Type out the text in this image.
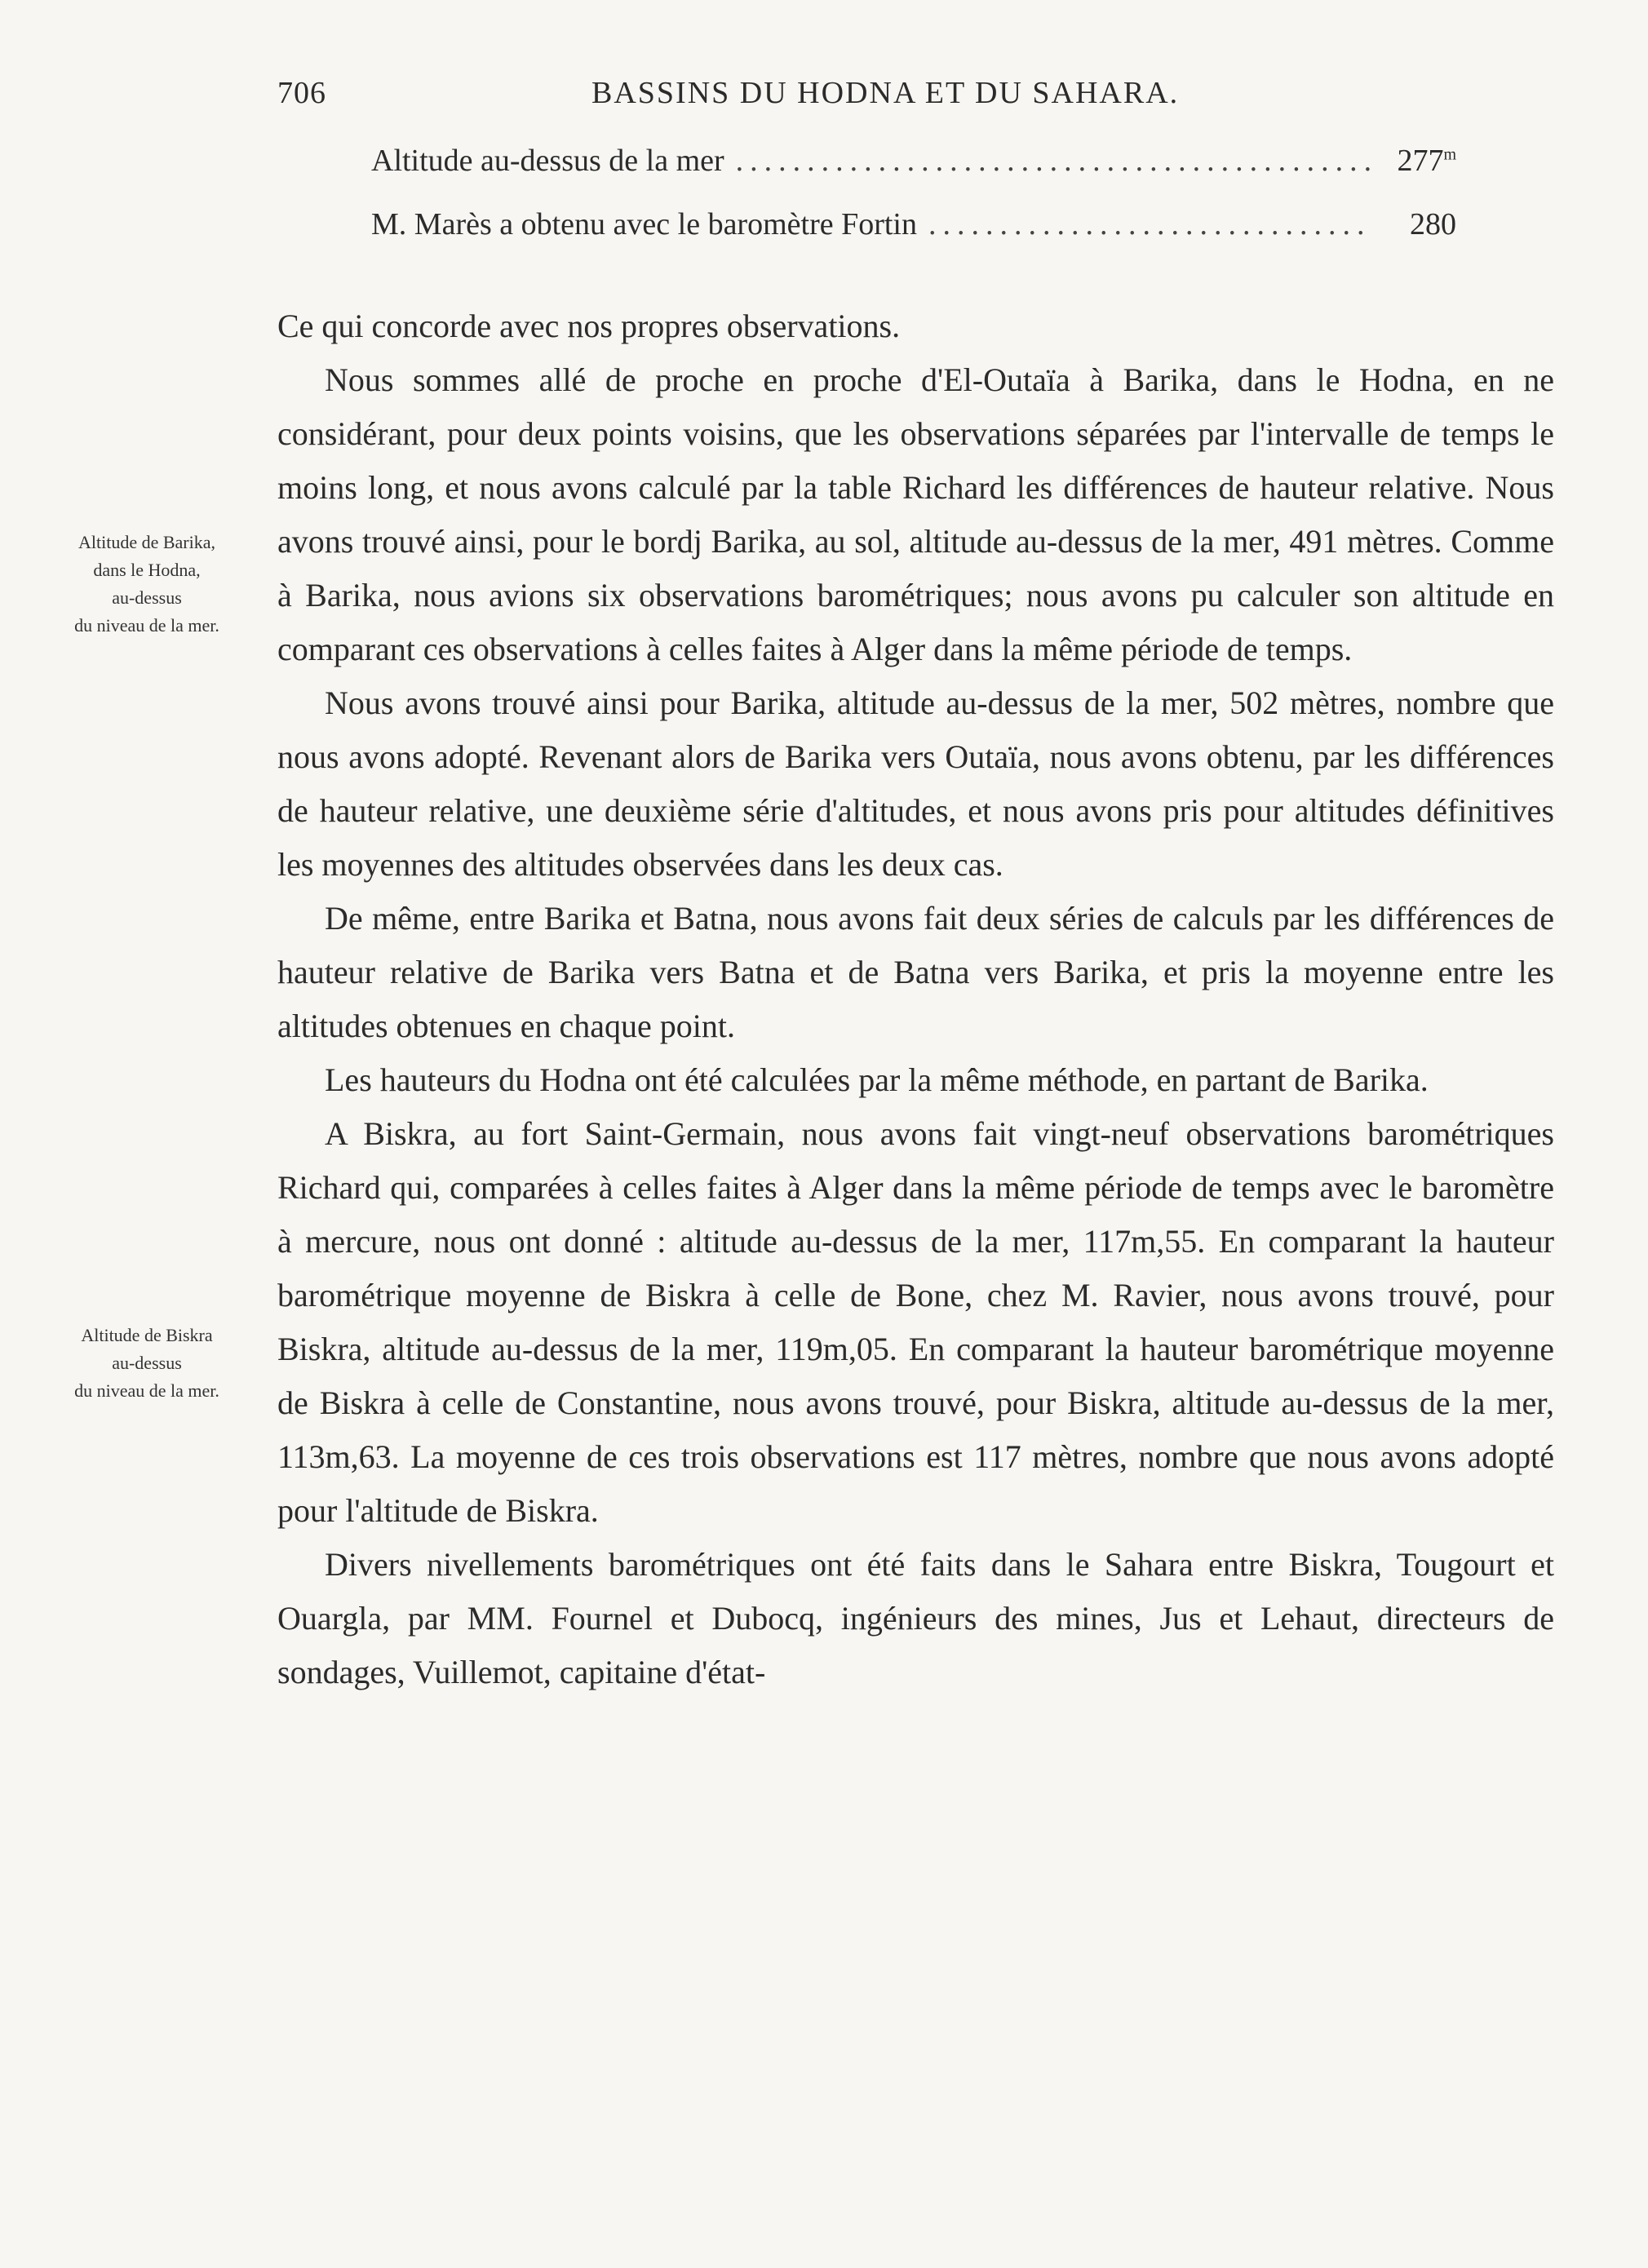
706	BASSINS DU HODNA ET DU SAHARA.
Altitude au-dessus de la mer .....	277$^m$
M. Marès a obtenu avec le baromètre Fortin .....	280
Altitude de Barika,
dans le Hodna,
au-dessus
du niveau de la mer.
Altitude de Biskra
au-dessus
du niveau de la mer.

Ce qui concorde avec nos propres observations.

Nous sommes allé de proche en proche d'El-Outaïa à Barika, dans le Hodna, en ne considérant, pour deux points voisins, que les observations séparées par l'intervalle de temps le moins long, et nous avons calculé par la table Richard les différences de hauteur relative. Nous avons trouvé ainsi, pour le bordj Barika, au sol, altitude au-dessus de la mer, 491 mètres. Comme à Barika, nous avions six observations barométriques; nous avons pu calculer son altitude en comparant ces observations à celles faites à Alger dans la même période de temps.

Nous avons trouvé ainsi pour Barika, altitude au-dessus de la mer, 502 mètres, nombre que nous avons adopté. Revenant alors de Barika vers Outaïa, nous avons obtenu, par les différences de hauteur relative, une deuxième série d'altitudes, et nous avons pris pour altitudes définitives les moyennes des altitudes observées dans les deux cas.

De même, entre Barika et Batna, nous avons fait deux séries de calculs par les différences de hauteur relative de Barika vers Batna et de Batna vers Barika, et pris la moyenne entre les altitudes obtenues en chaque point.

Les hauteurs du Hodna ont été calculées par la même méthode, en partant de Barika.

A Biskra, au fort Saint-Germain, nous avons fait vingt-neuf observations barométriques Richard qui, comparées à celles faites à Alger dans la même période de temps avec le baromètre à mercure, nous ont donné : altitude au-dessus de la mer, 117m,55. En comparant la hauteur barométrique moyenne de Biskra à celle de Bone, chez M. Ravier, nous avons trouvé, pour Biskra, altitude au-dessus de la mer, 119m,05. En comparant la hauteur barométrique moyenne de Biskra à celle de Constantine, nous avons trouvé, pour Biskra, altitude au-dessus de la mer, 113m,63. La moyenne de ces trois observations est 117 mètres, nombre que nous avons adopté pour l'altitude de Biskra.

Divers nivellements barométriques ont été faits dans le Sahara entre Biskra, Tougourt et Ouargla, par MM. Fournel et Dubocq, ingénieurs des mines, Jus et Lehaut, directeurs de sondages, Vuillemot, capitaine d'état-
